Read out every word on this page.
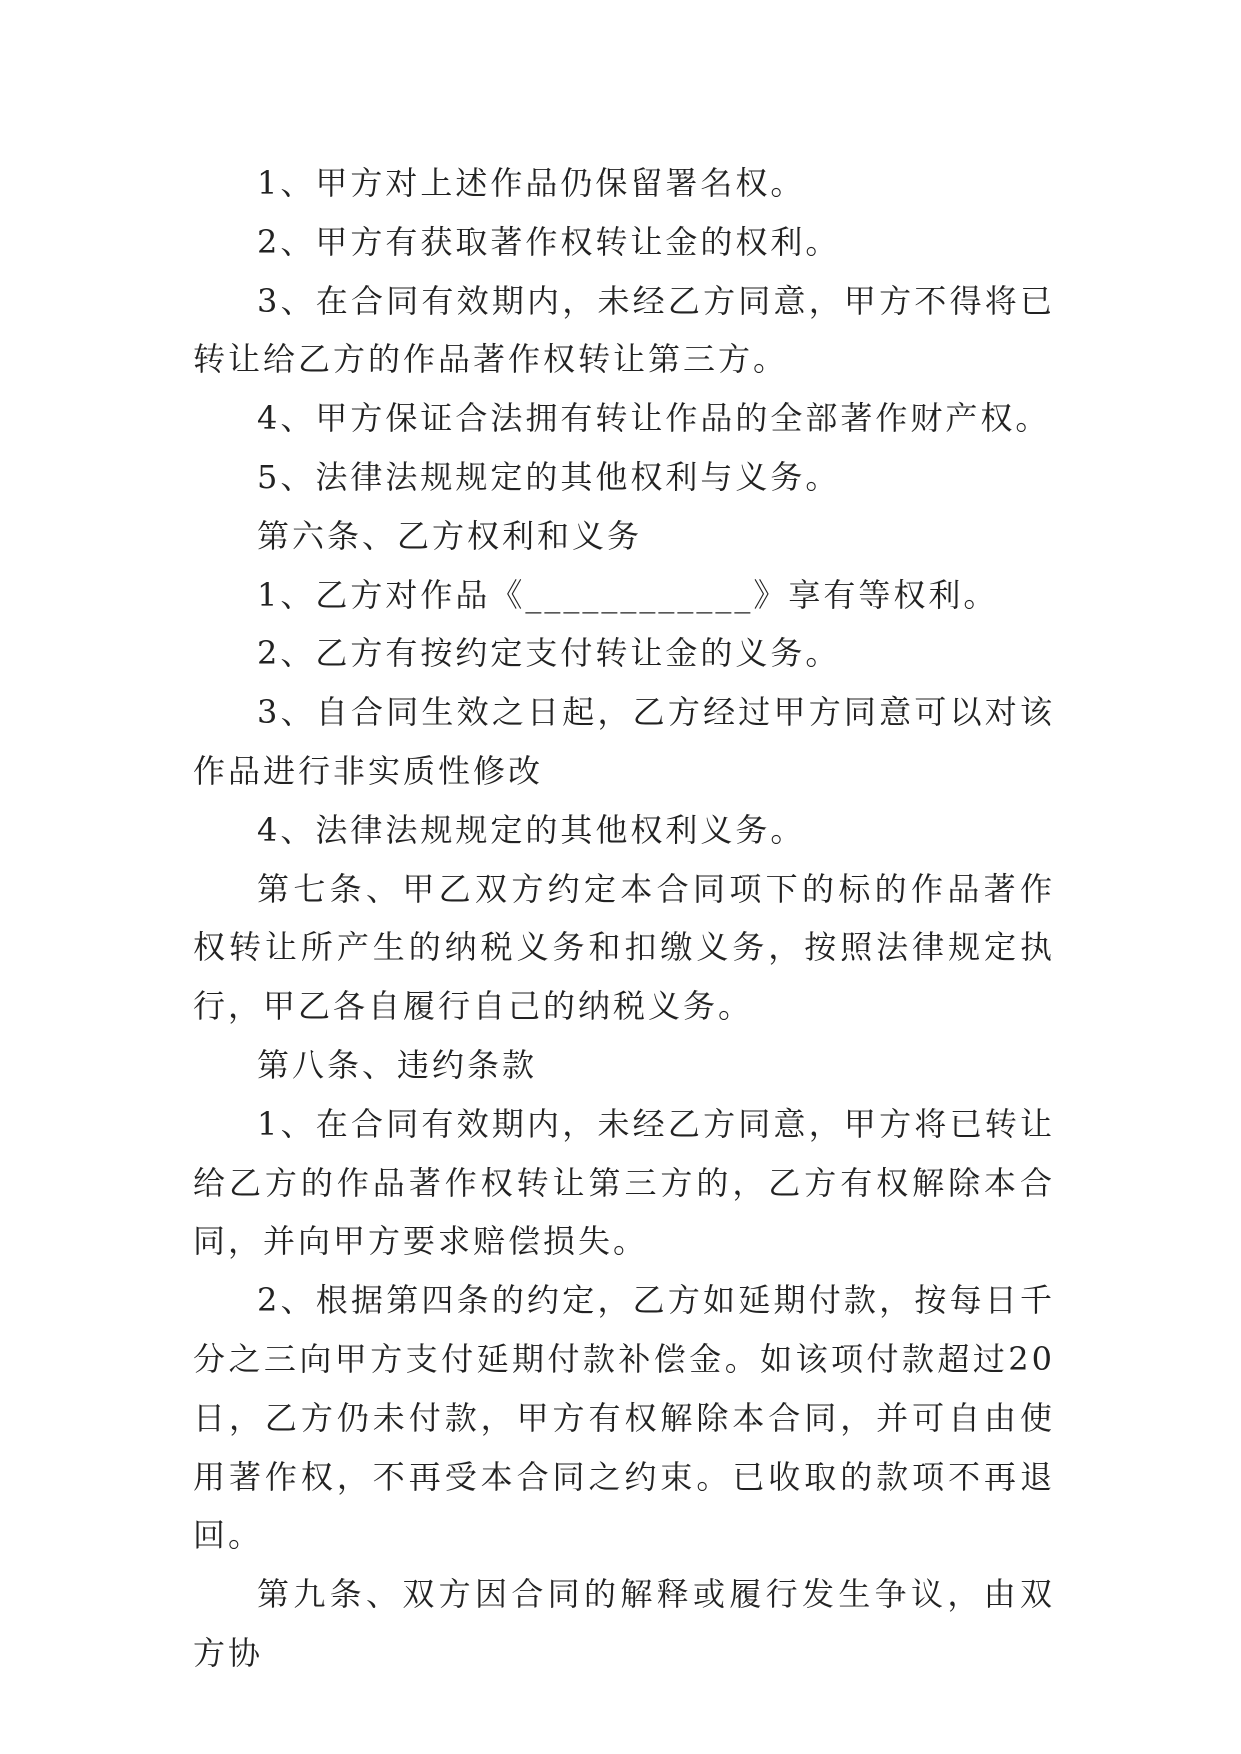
1、甲方对上述作品仍保留署名权。

2、甲方有获取著作权转让金的权利。

3、在合同有效期内，未经乙方同意，甲方不得将已转让给乙方的作品著作权转让第三方。

4、甲方保证合法拥有转让作品的全部著作财产权。

5、法律法规规定的其他权利与义务。

第六条、乙方权利和义务

1、乙方对作品《____________》享有等权利。

2、乙方有按约定支付转让金的义务。

3、自合同生效之日起，乙方经过甲方同意可以对该作品进行非实质性修改

4、法律法规规定的其他权利义务。

第七条、甲乙双方约定本合同项下的标的作品著作权转让所产生的纳税义务和扣缴义务，按照法律规定执行，甲乙各自履行自己的纳税义务。

第八条、违约条款

1、在合同有效期内，未经乙方同意，甲方将已转让给乙方的作品著作权转让第三方的，乙方有权解除本合同，并向甲方要求赔偿损失。

2、根据第四条的约定，乙方如延期付款，按每日千分之三向甲方支付延期付款补偿金。如该项付款超过20日，乙方仍未付款，甲方有权解除本合同，并可自由使用著作权，不再受本合同之约束。已收取的款项不再退回。

第九条、双方因合同的解释或履行发生争议，由双方协
